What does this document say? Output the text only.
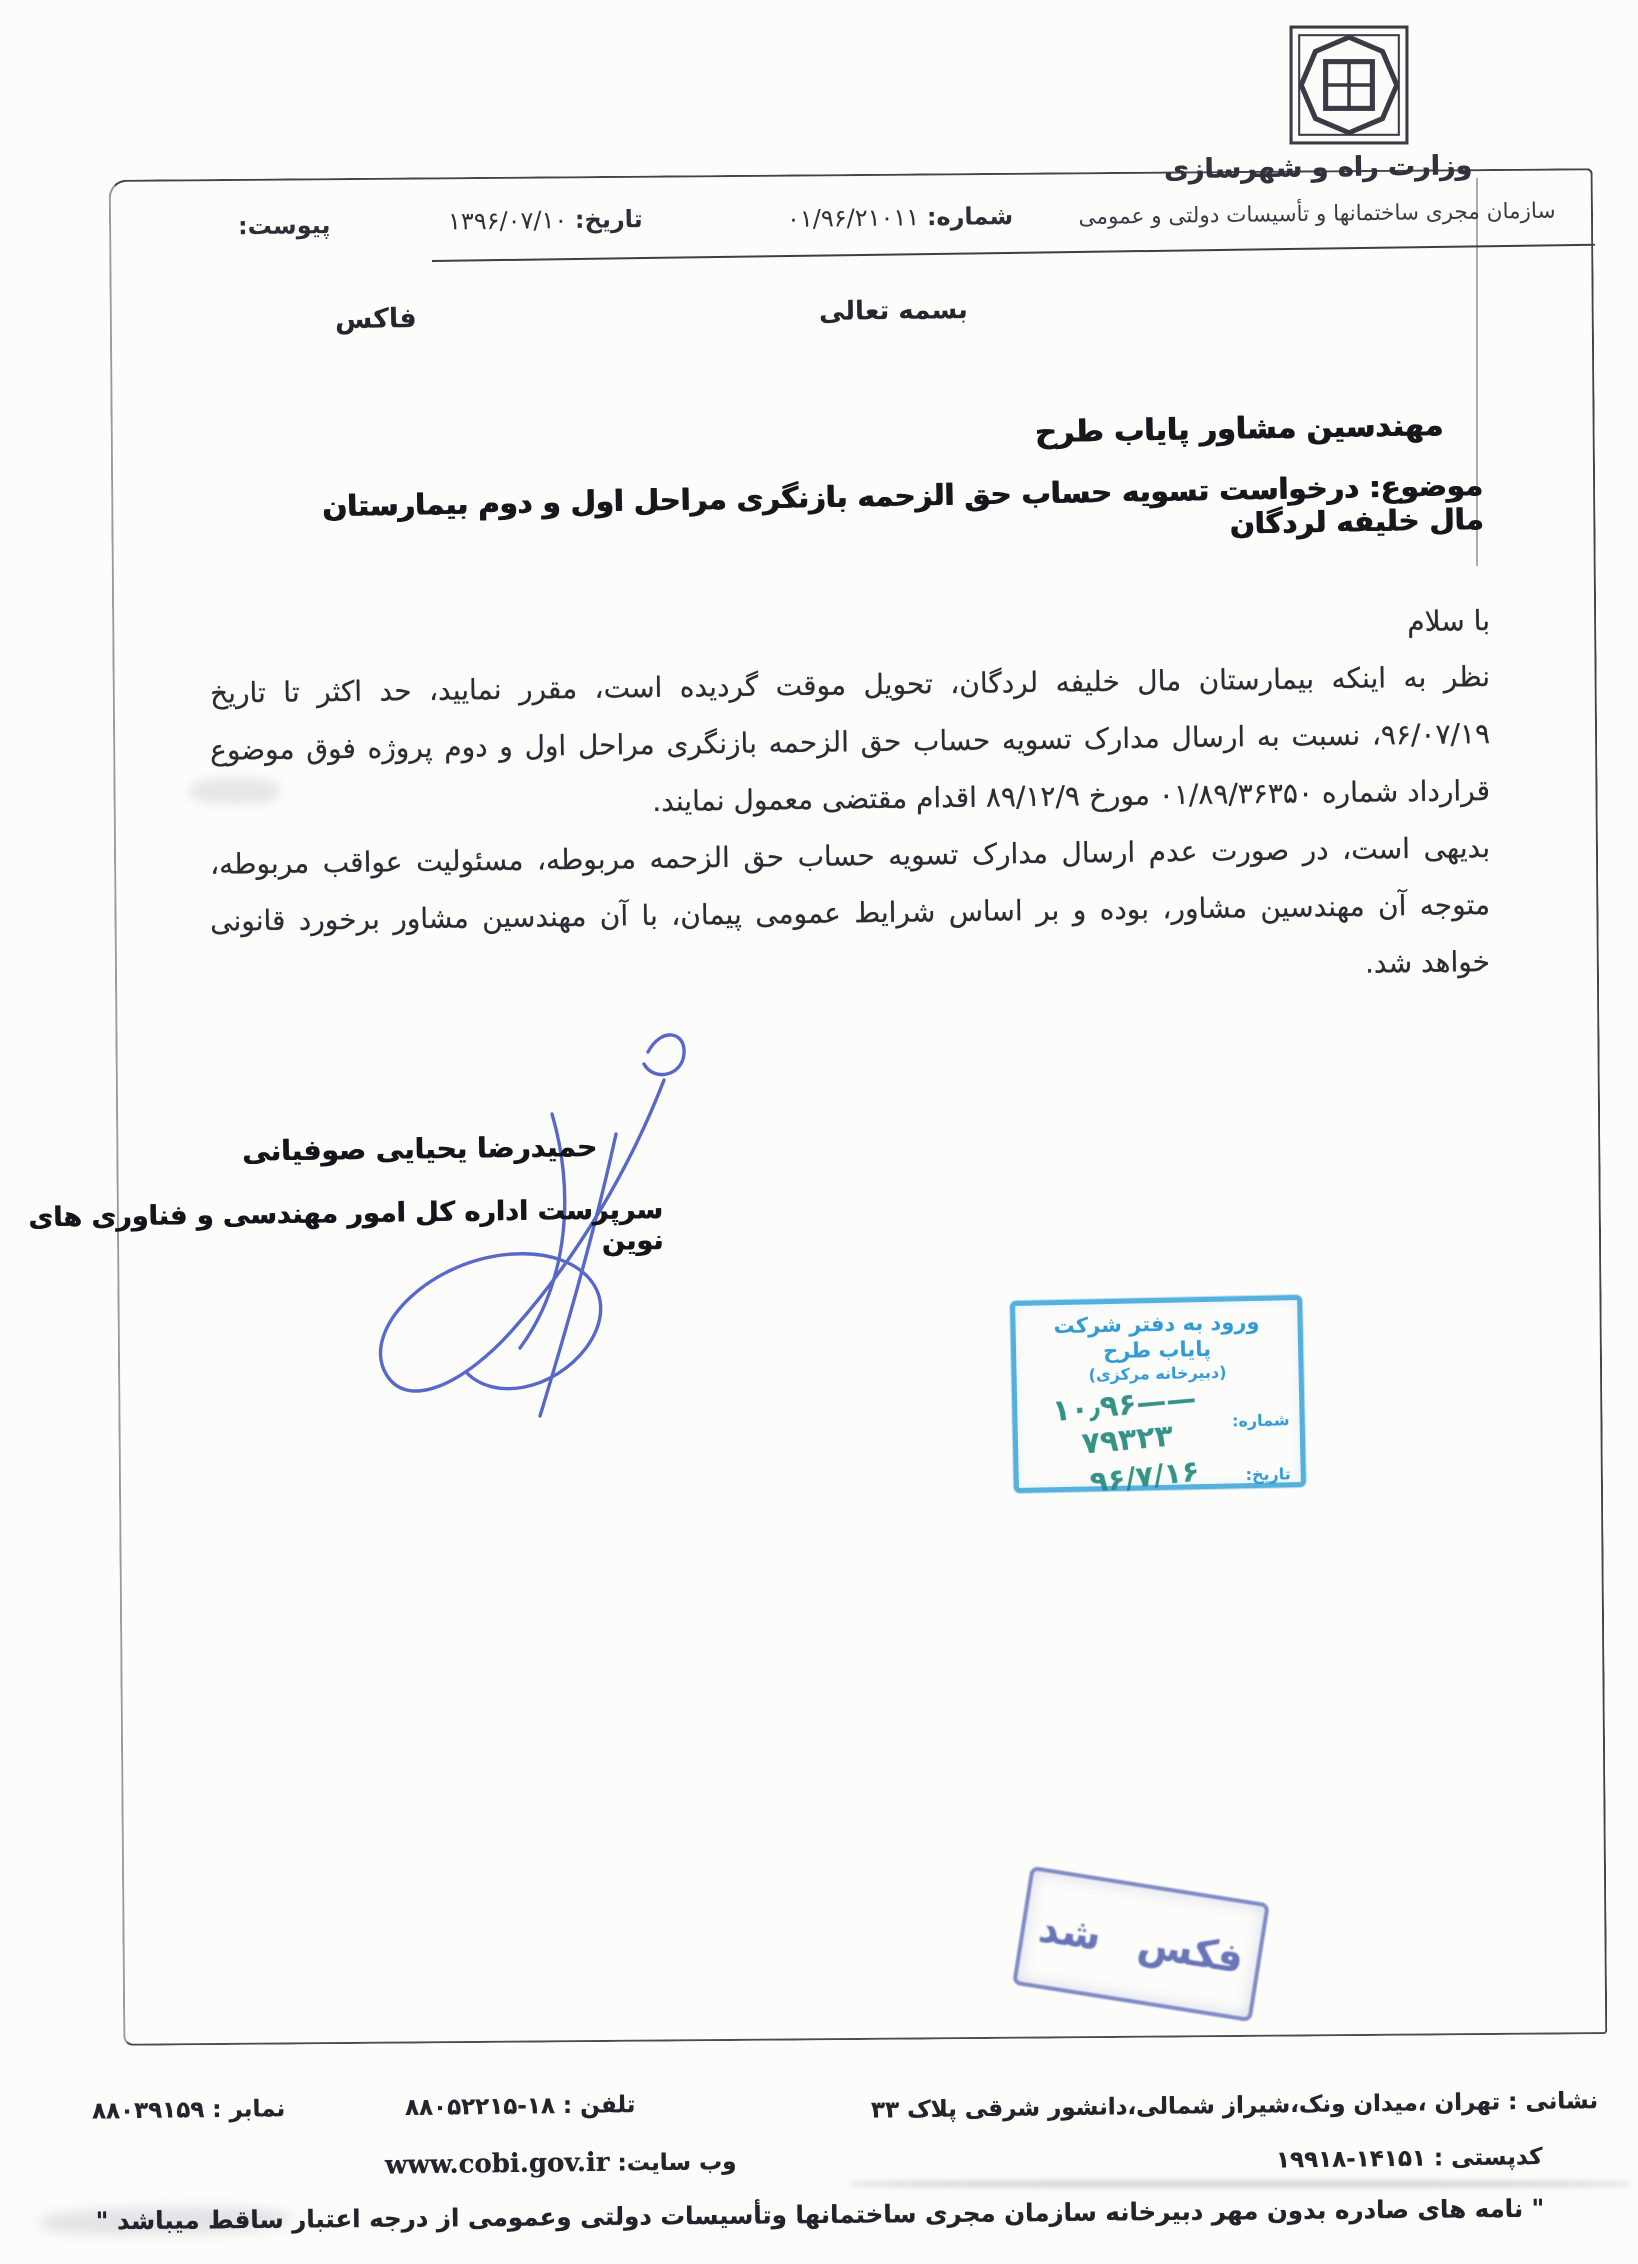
وزارت راه و شهرسازی
سازمان مجری ساختمانها و تأسیسات دولتی و عمومی
شماره: ۰۱/۹۶/۲۱۰۱۱
تاریخ: ۱۳۹۶/۰۷/۱۰
پیوست:
بسمه تعالی
فاکس
مهندسین مشاور پایاب طرح
موضوع: درخواست تسویه حساب حق الزحمه بازنگری مراحل اول و دوم بیمارستان مال خلیفه لردگان
با سلام
نظر به اینکه بیمارستان مال خلیفه لردگان، تحویل موقت گردیده است، مقرر نمایید، حد اکثر تا تاریخ
۹۶/۰۷/۱۹، نسبت به ارسال مدارک تسویه حساب حق الزحمه بازنگری مراحل اول و دوم پروژه فوق موضوع
قرارداد شماره ۰۱/۸۹/۳۶۳۵۰ مورخ ۸۹/۱۲/۹ اقدام مقتضی معمول نمایند.
بدیهی است، در صورت عدم ارسال مدارک تسویه حساب حق الزحمه مربوطه، مسئولیت عواقب مربوطه،
متوجه آن مهندسین مشاور، بوده و بر اساس شرایط عمومی پیمان، با آن مهندسین مشاور برخورد قانونی
خواهد شد.
حمیدرضا یحیایی صوفیانی
سرپرست اداره کل امور مهندسی و فناوری های نوین
ورود به دفتر شرکت پایاب طرح
(دبیرخانه مرکزی)
شماره:
۱۰٫۹۶——۷۹۳۲۳
تاریخ:
۹۶/۷/۱۶
فکس شد
نشانی : تهران ،میدان ونک،شیراز شمالی،دانشور شرقی پلاک ۳۳
کدپستی : ۱۴۱۵۱-۱۹۹۱۸
تلفن : ۱۸-۸۸۰۵۲۲۱۵
وب سایت: www.cobi.gov.ir
نمابر : ۸۸۰۳۹۱۵۹
" نامه های صادره بدون مهر دبیرخانه سازمان مجری ساختمانها وتأسیسات دولتی وعمومی از درجه اعتبار ساقط میباشد "
